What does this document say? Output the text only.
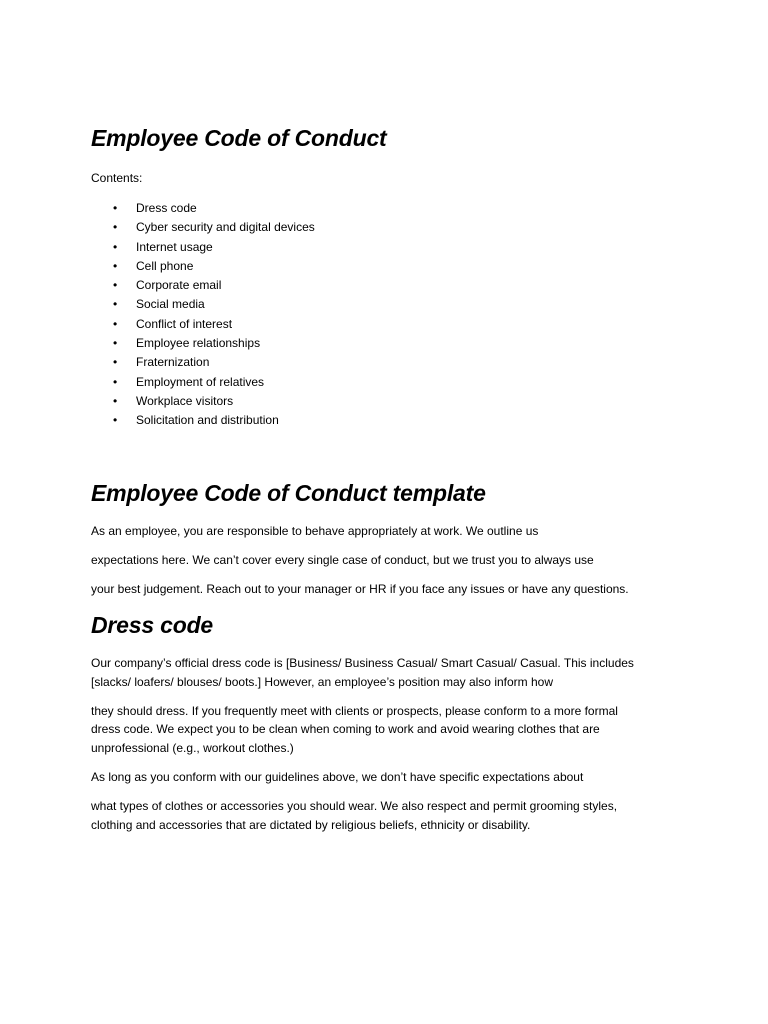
Employee Code of Conduct
Contents:
• Dress code
• Cyber security and digital devices
• Internet usage
• Cell phone
• Corporate email
• Social media
• Conflict of interest
• Employee relationships
• Fraternization
• Employment of relatives
• Workplace visitors
• Solicitation and distribution
Employee Code of Conduct template

As an employee, you are responsible to behave appropriately at work. We outline us

expectations here. We can’t cover every single case of conduct, but we trust you to always use

your best judgement. Reach out to your manager or HR if you face any issues or have any questions.

Dress code

Our company’s official dress code is [Business/ Business Casual/ Smart Casual/ Casual. This includes

[slacks/ loafers/ blouses/ boots.] However, an employee’s position may also inform how

they should dress. If you frequently meet with clients or prospects, please conform to a more formal

dress code. We expect you to be clean when coming to work and avoid wearing clothes that are

unprofessional (e.g., workout clothes.)

As long as you conform with our guidelines above, we don’t have specific expectations about

what types of clothes or accessories you should wear. We also respect and permit grooming styles,

clothing and accessories that are dictated by religious beliefs, ethnicity or disability.
